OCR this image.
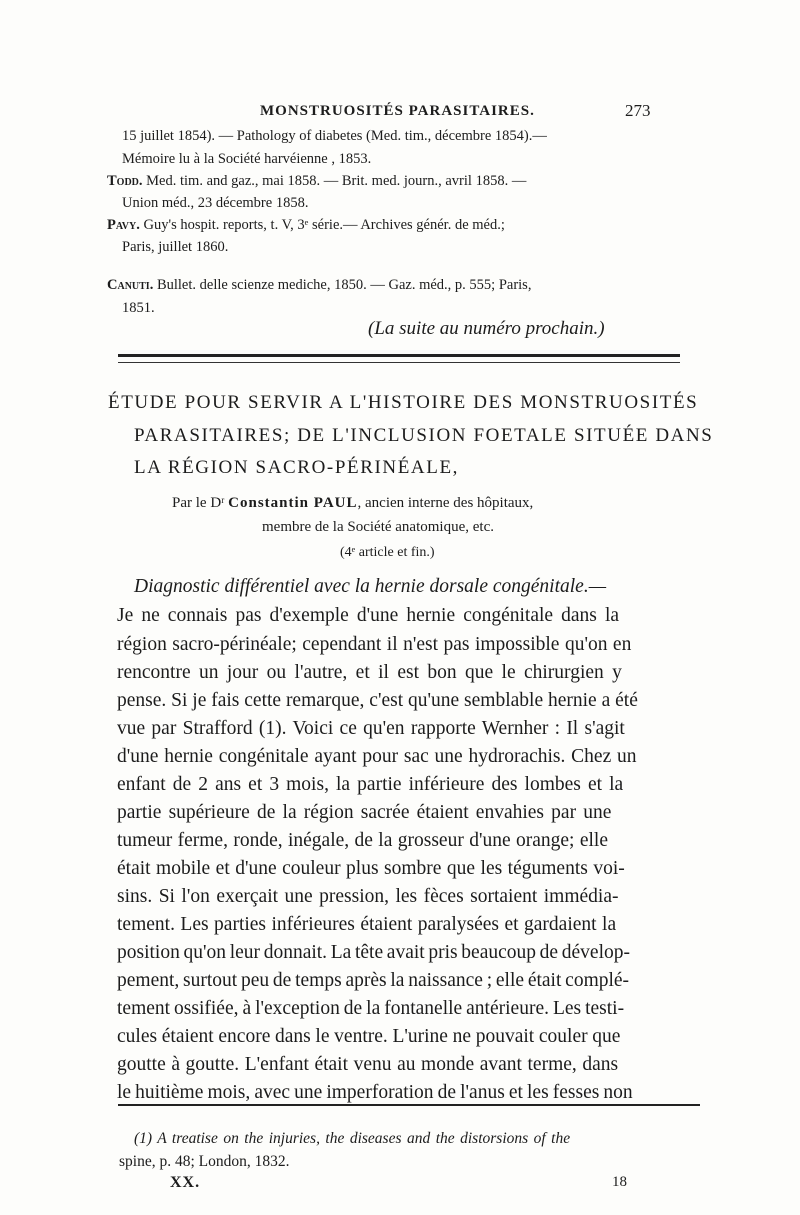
MONSTRUOSITÉS PARASITAIRES.	273
15 juillet 1854). — Pathology of diabetes (Med. tim., décembre 1854).—
Mémoire lu à la Société harvéienne , 1853.
Todd. Med. tim. and gaz., mai 1858. — Brit. med. journ., avril 1858. —
Union méd., 23 décembre 1858.
Pavy. Guy's hospit. reports, t. V, 3ᵉ série.— Archives génér. de méd.;
Paris, juillet 1860.
Canuti. Bullet. delle scienze mediche, 1850. — Gaz. méd., p. 555; Paris,
1851.
(La suite au numéro prochain.)
ÉTUDE POUR SERVIR A L'HISTOIRE DES MONSTRUOSITÉS
PARASITAIRES; DE L'INCLUSION FOETALE SITUÉE DANS
LA RÉGION SACRO-PÉRINÉALE,
Par le Dʳ Constantin PAUL, ancien interne des hôpitaux,
membre de la Société anatomique, etc.
(4ᵉ article et fin.)
Diagnostic différentiel avec la hernie dorsale congénitale.—
Je ne connais pas d'exemple d'une hernie congénitale dans la
région sacro-périnéale; cependant il n'est pas impossible qu'on en
rencontre un jour ou l'autre, et il est bon que le chirurgien y
pense. Si je fais cette remarque, c'est qu'une semblable hernie a été
vue par Strafford (1). Voici ce qu'en rapporte Wernher : Il s'agit
d'une hernie congénitale ayant pour sac une hydrorachis. Chez un
enfant de 2 ans et 3 mois, la partie inférieure des lombes et la
partie supérieure de la région sacrée étaient envahies par une
tumeur ferme, ronde, inégale, de la grosseur d'une orange; elle
était mobile et d'une couleur plus sombre que les téguments voi-
sins. Si l'on exerçait une pression, les fèces sortaient immédia-
tement. Les parties inférieures étaient paralysées et gardaient la
position qu'on leur donnait. La tête avait pris beaucoup de dévelop-
pement, surtout peu de temps après la naissance ; elle était complé-
tement ossifiée, à l'exception de la fontanelle antérieure. Les testi-
cules étaient encore dans le ventre. L'urine ne pouvait couler que
goutte à goutte. L'enfant était venu au monde avant terme, dans
le huitième mois, avec une imperforation de l'anus et les fesses non
(1) A treatise on the injuries, the diseases and the distorsions of the
spine, p. 48; London, 1832.
XX.	18
